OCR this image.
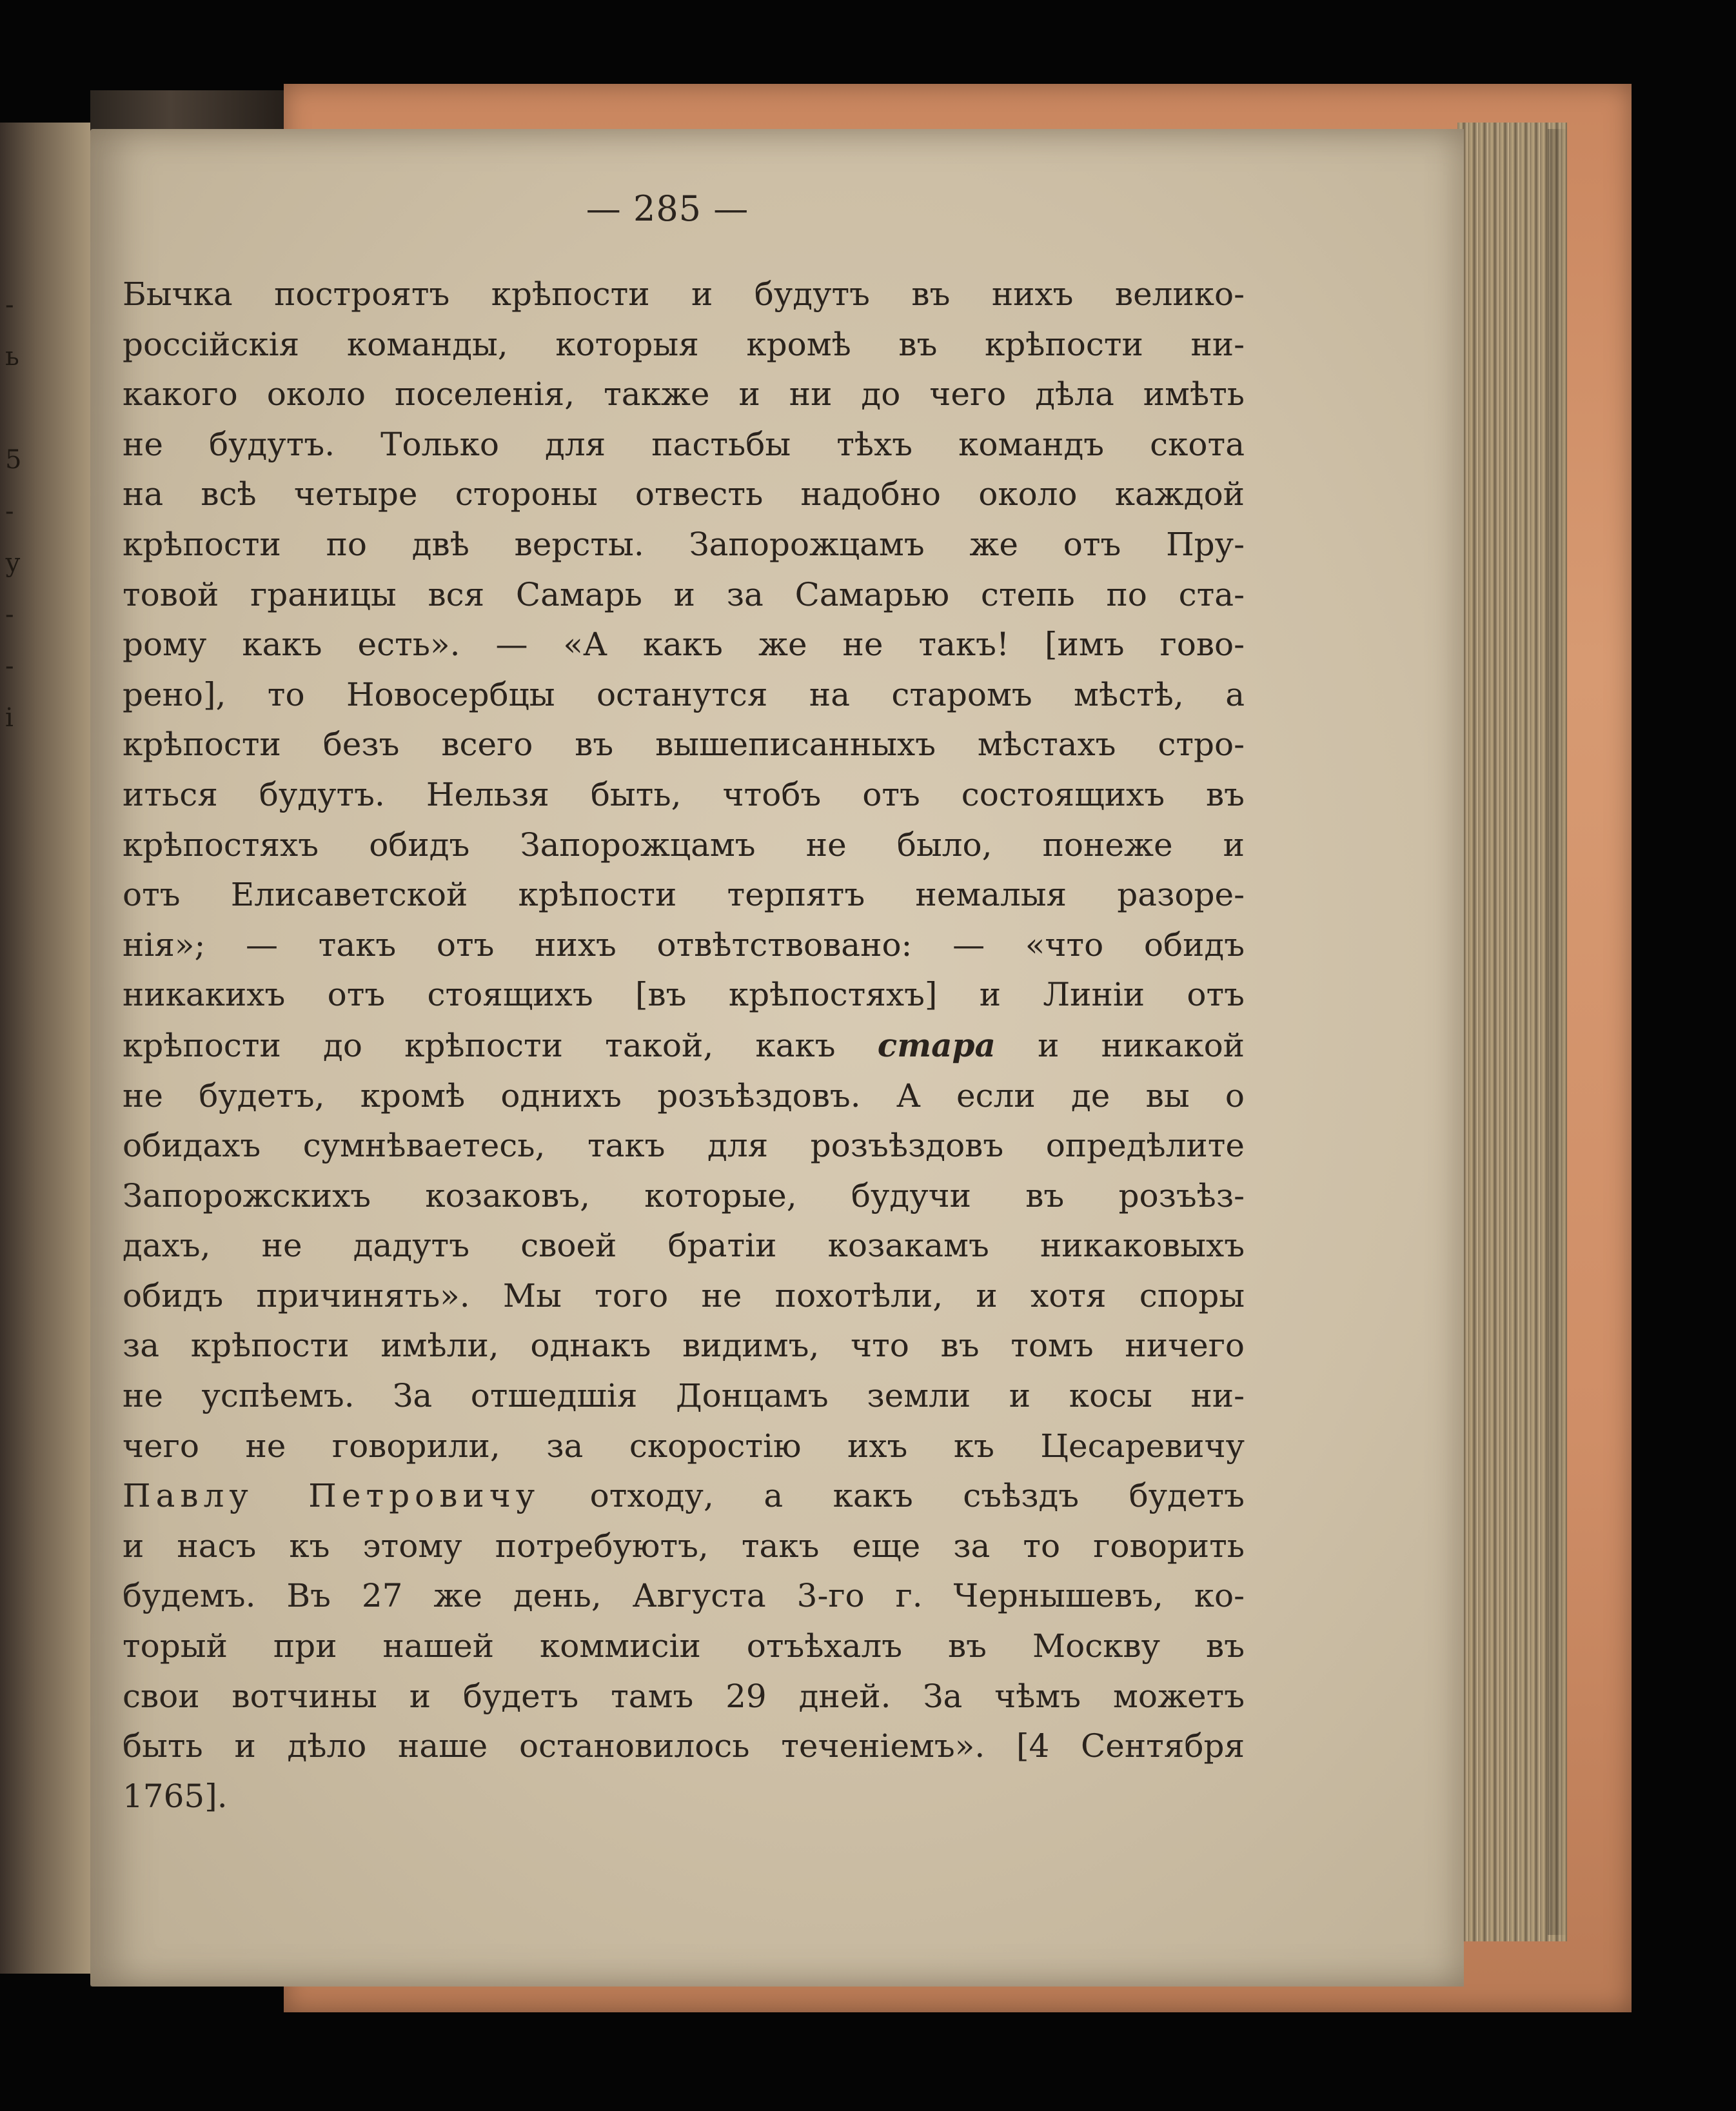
-
ь
5
-
у
-
-
і
— 285 —
Бычка построятъ крѣпости и будутъ въ нихъ велико-
россійскія команды, которыя кромѣ въ крѣпости ни-
какого около поселенія, также и ни до чего дѣла имѣть
не будутъ. Только для пастьбы тѣхъ командъ скота
на всѣ четыре стороны отвесть надобно около каждой
крѣпости по двѣ версты. Запорожцамъ же отъ Пру-
товой границы вся Самарь и за Самарью степь по ста-
рому какъ есть». — «А какъ же не такъ! [имъ гово-
рено], то Новосербцы останутся на старомъ мѣстѣ, а
крѣпости безъ всего въ вышеписанныхъ мѣстахъ стро-
иться будутъ. Нельзя быть, чтобъ отъ состоящихъ въ
крѣпостяхъ обидъ Запорожцамъ не было, понеже и
отъ Елисаветской крѣпости терпятъ немалыя разоре-
нія»; — такъ отъ нихъ отвѣтствовано: — «что обидъ
никакихъ отъ стоящихъ [въ крѣпостяхъ] и Линіи отъ
крѣпости до крѣпости такой, какъ стара и никакой
не будетъ, кромѣ однихъ розъѣздовъ. А если де вы о
обидахъ сумнѣваетесь, такъ для розъѣздовъ опредѣлите
Запорожскихъ козаковъ, которые, будучи въ розъѣз-
дахъ, не дадутъ своей братіи козакамъ никаковыхъ
обидъ причинять». Мы того не похотѣли, и хотя споры
за крѣпости имѣли, однакъ видимъ, что въ томъ ничего
не успѣемъ. За отшедшія Донцамъ земли и косы ни-
чего не говорили, за скоростію ихъ къ Цесаревичу
Павлу Петровичу отходу, а какъ съѣздъ будетъ
и насъ къ этому потребуютъ, такъ еще за то говорить
будемъ. Въ 27 же день, Августа 3-го г. Чернышевъ, ко-
торый при нашей коммисіи отъѣхалъ въ Москву въ
свои вотчины и будетъ тамъ 29 дней. За чѣмъ можетъ
быть и дѣло наше остановилось теченіемъ». [4 Сентября
1765].
